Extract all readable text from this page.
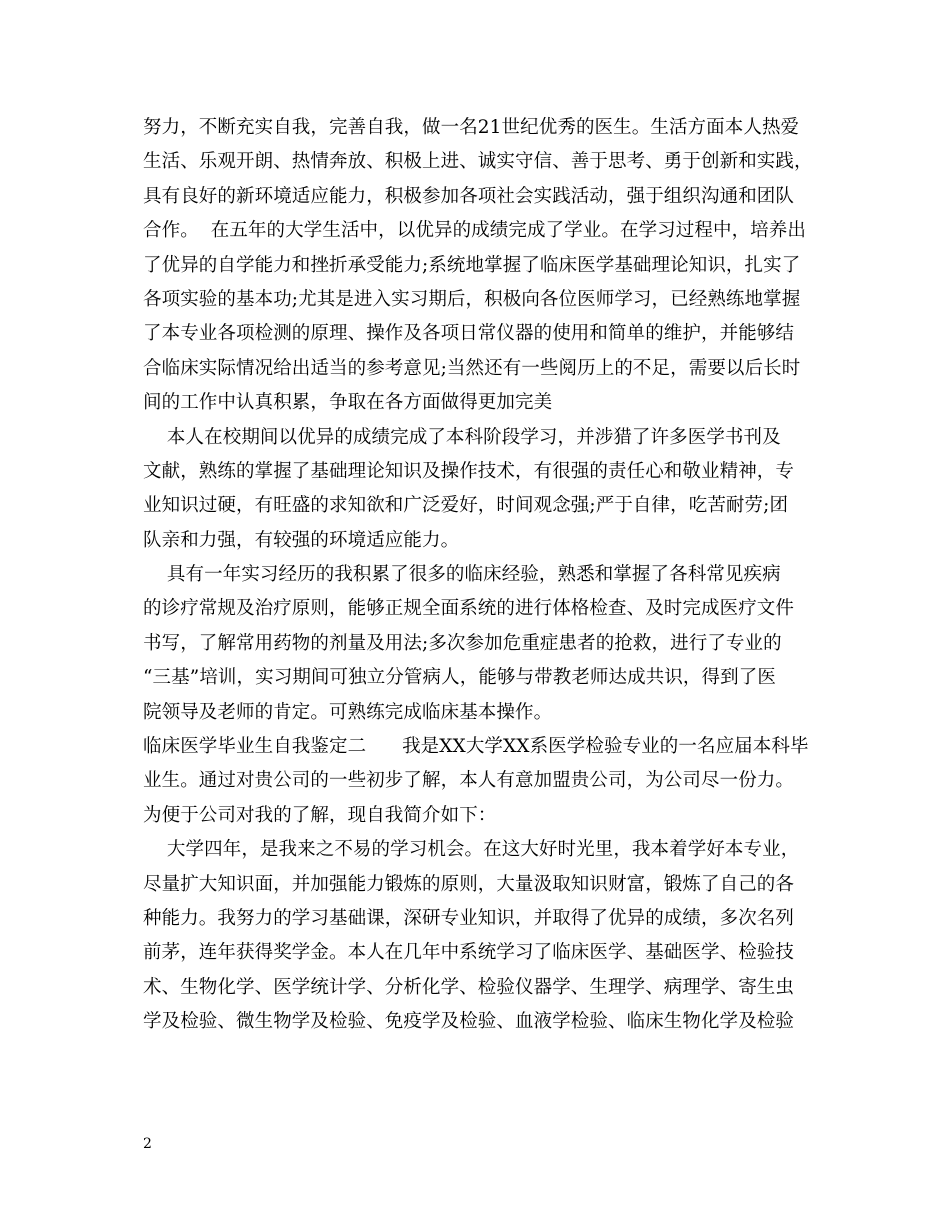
努力，不断充实自我，完善自我，做一名21世纪优秀的医生。生活方面本人热爱
生活、乐观开朗、热情奔放、积极上进、诚实守信、善于思考、勇于创新和实践，
具有良好的新环境适应能力，积极参加各项社会实践活动，强于组织沟通和团队
合作。  在五年的大学生活中，以优异的成绩完成了学业。在学习过程中，培养出
了优异的自学能力和挫折承受能力;系统地掌握了临床医学基础理论知识，扎实了
各项实验的基本功;尤其是进入实习期后，积极向各位医师学习，已经熟练地掌握
了本专业各项检测的原理、操作及各项日常仪器的使用和简单的维护，并能够结
合临床实际情况给出适当的参考意见;当然还有一些阅历上的不足，需要以后长时
间的工作中认真积累，争取在各方面做得更加完美
本人在校期间以优异的成绩完成了本科阶段学习，并涉猎了许多医学书刊及
文献，熟练的掌握了基础理论知识及操作技术，有很强的责任心和敬业精神，专
业知识过硬，有旺盛的求知欲和广泛爱好，时间观念强;严于自律，吃苦耐劳;团
队亲和力强，有较强的环境适应能力。
具有一年实习经历的我积累了很多的临床经验，熟悉和掌握了各科常见疾病
的诊疗常规及治疗原则，能够正规全面系统的进行体格检查、及时完成医疗文件
书写，了解常用药物的剂量及用法;多次参加危重症患者的抢救，进行了专业的
“三基”培训，实习期间可独立分管病人，能够与带教老师达成共识，得到了医
院领导及老师的肯定。可熟练完成临床基本操作。
临床医学毕业生自我鉴定二      我是XX大学XX系医学检验专业的一名应届本科毕
业生。通过对贵公司的一些初步了解，本人有意加盟贵公司，为公司尽一份力。
为便于公司对我的了解，现自我简介如下：
大学四年，是我来之不易的学习机会。在这大好时光里，我本着学好本专业，
尽量扩大知识面，并加强能力锻炼的原则，大量汲取知识财富，锻炼了自己的各
种能力。我努力的学习基础课，深研专业知识，并取得了优异的成绩，多次名列
前茅，连年获得奖学金。本人在几年中系统学习了临床医学、基础医学、检验技
术、生物化学、医学统计学、分析化学、检验仪器学、生理学、病理学、寄生虫
学及检验、微生物学及检验、免疫学及检验、血液学检验、临床生物化学及检验
2
